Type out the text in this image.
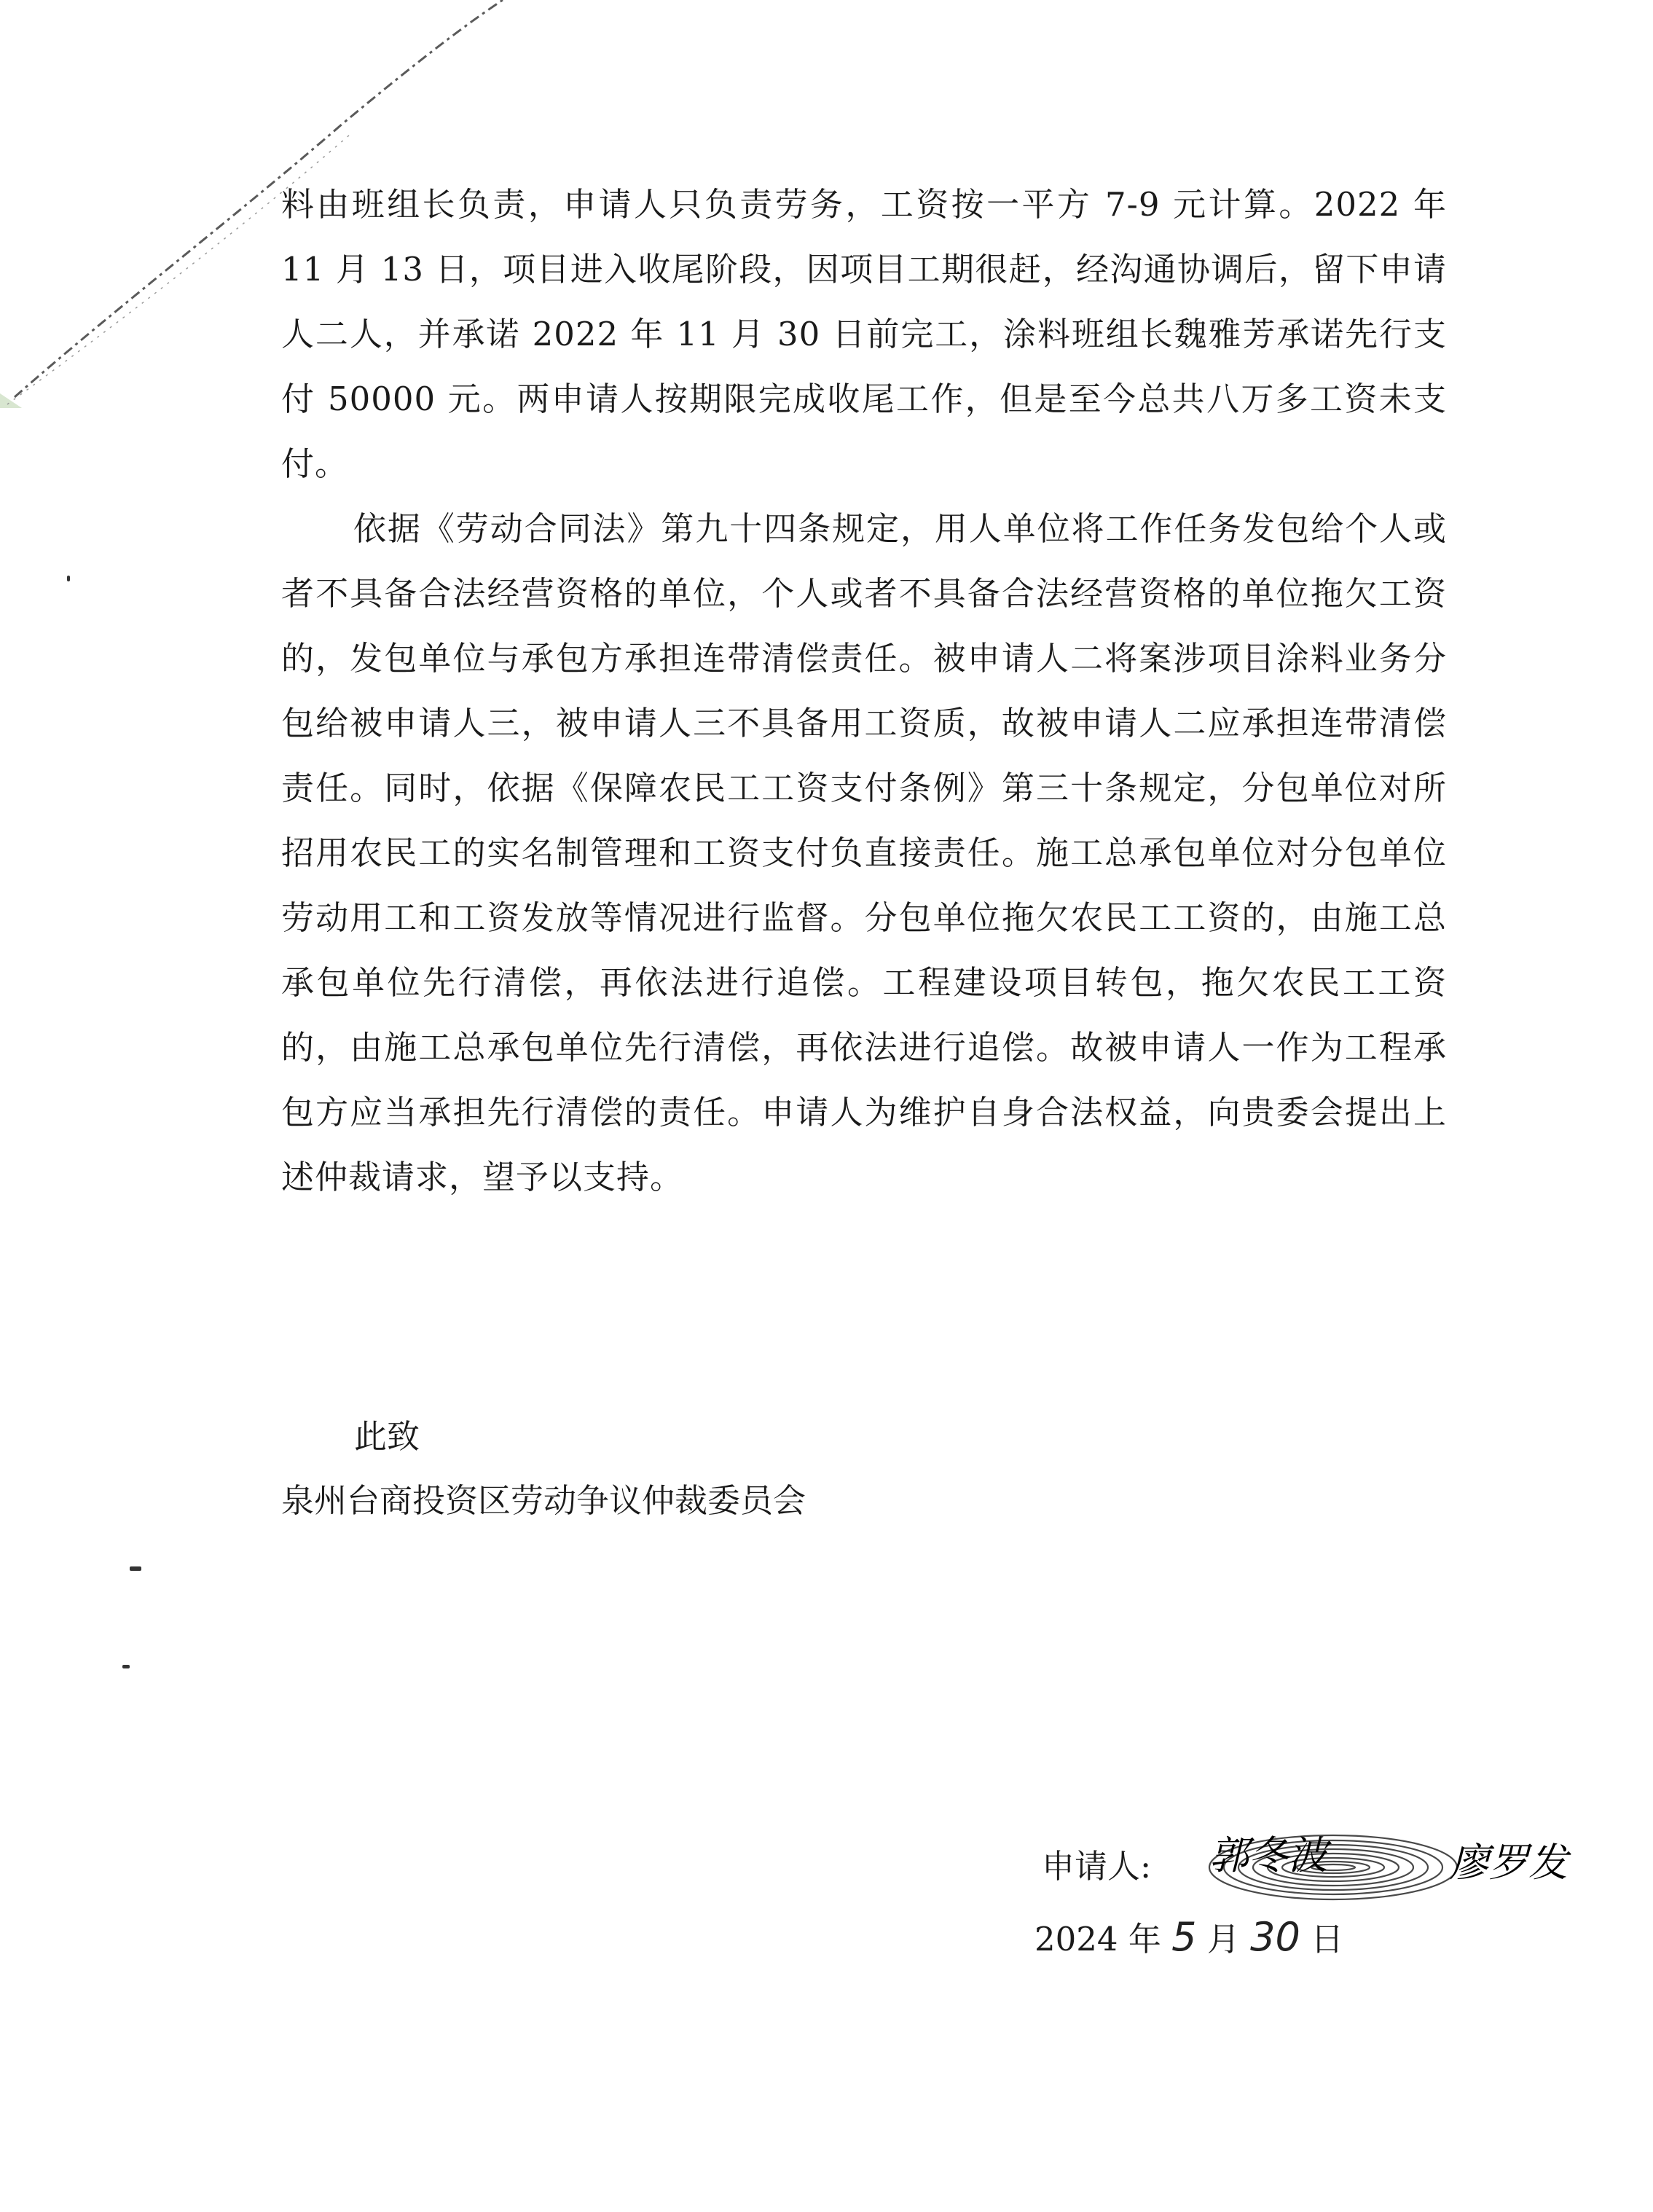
料由班组长负责，申请人只负责劳务，工资按一平方 7-9 元计算。2022 年 11 月 13 日，项目进入收尾阶段，因项目工期很赶，经沟通协调后，留下申请人二人，并承诺 2022 年 11 月 30 日前完工，涂料班组长魏雅芳承诺先行支付 50000 元。两申请人按期限完成收尾工作，但是至今总共八万多工资未支付。

依据《劳动合同法》第九十四条规定，用人单位将工作任务发包给个人或者不具备合法经营资格的单位，个人或者不具备合法经营资格的单位拖欠工资的，发包单位与承包方承担连带清偿责任。被申请人二将案涉项目涂料业务分包给被申请人三，被申请人三不具备用工资质，故被申请人二应承担连带清偿责任。同时，依据《保障农民工工资支付条例》第三十条规定，分包单位对所招用农民工的实名制管理和工资支付负直接责任。施工总承包单位对分包单位劳动用工和工资发放等情况进行监督。分包单位拖欠农民工工资的，由施工总承包单位先行清偿，再依法进行追偿。工程建设项目转包，拖欠农民工工资的，由施工总承包单位先行清偿，再依法进行追偿。故被申请人一作为工程承包方应当承担先行清偿的责任。申请人为维护自身合法权益，向贵委会提出上述仲裁请求，望予以支持。

此致
泉州台商投资区劳动争议仲裁委员会
申请人: 郭冬波	廖罗发
2024 年 5 月 30 日
